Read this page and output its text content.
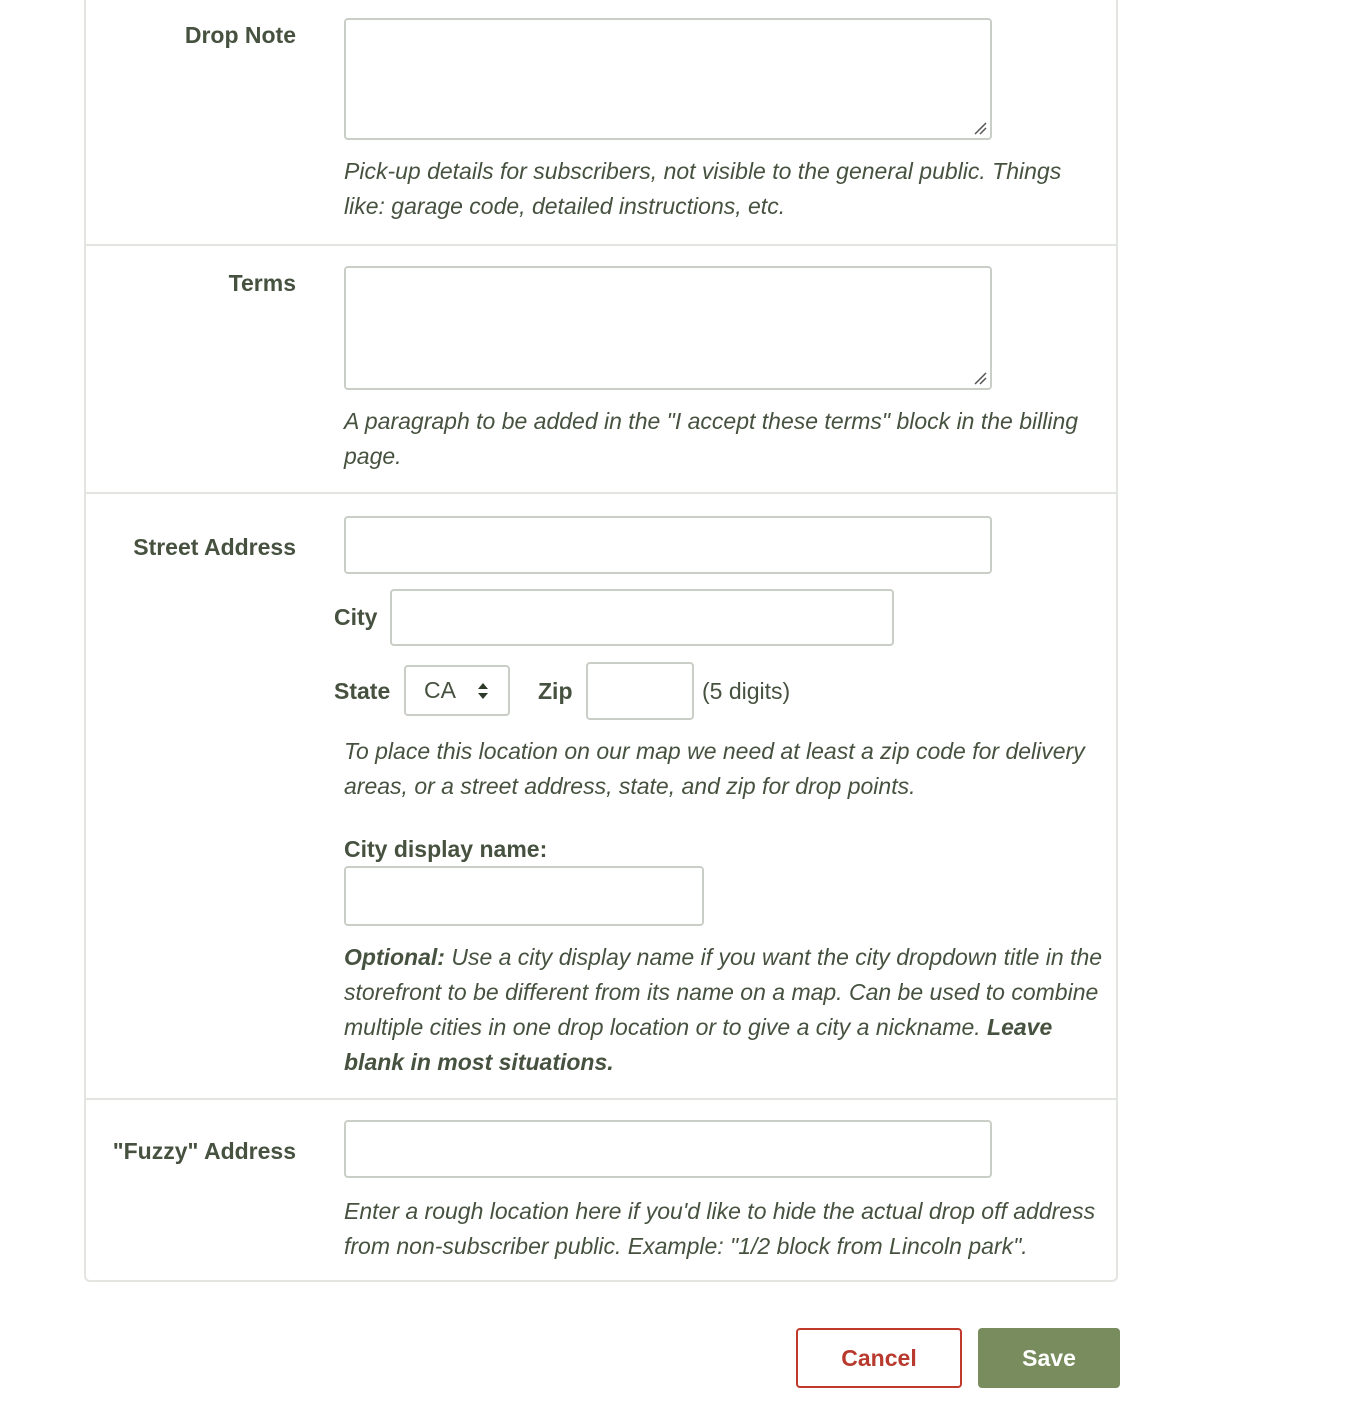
Drop Note
Pick-up details for subscribers, not visible to the general public. Things like: garage code, detailed instructions, etc.
Terms
A paragraph to be added in the "I accept these terms" block in the billing page.
Street Address
City
State CA	Zip	(5 digits)
To place this location on our map we need at least a zip code for delivery areas, or a street address, state, and zip for drop points.
City display name:
Optional: Use a city display name if you want the city dropdown title in the storefront to be different from its name on a map. Can be used to combine multiple cities in one drop location or to give a city a nickname. Leave blank in most situations.
"Fuzzy" Address
Enter a rough location here if you'd like to hide the actual drop off address from non-subscriber public. Example: "1/2 block from Lincoln park".
Cancel	Save
